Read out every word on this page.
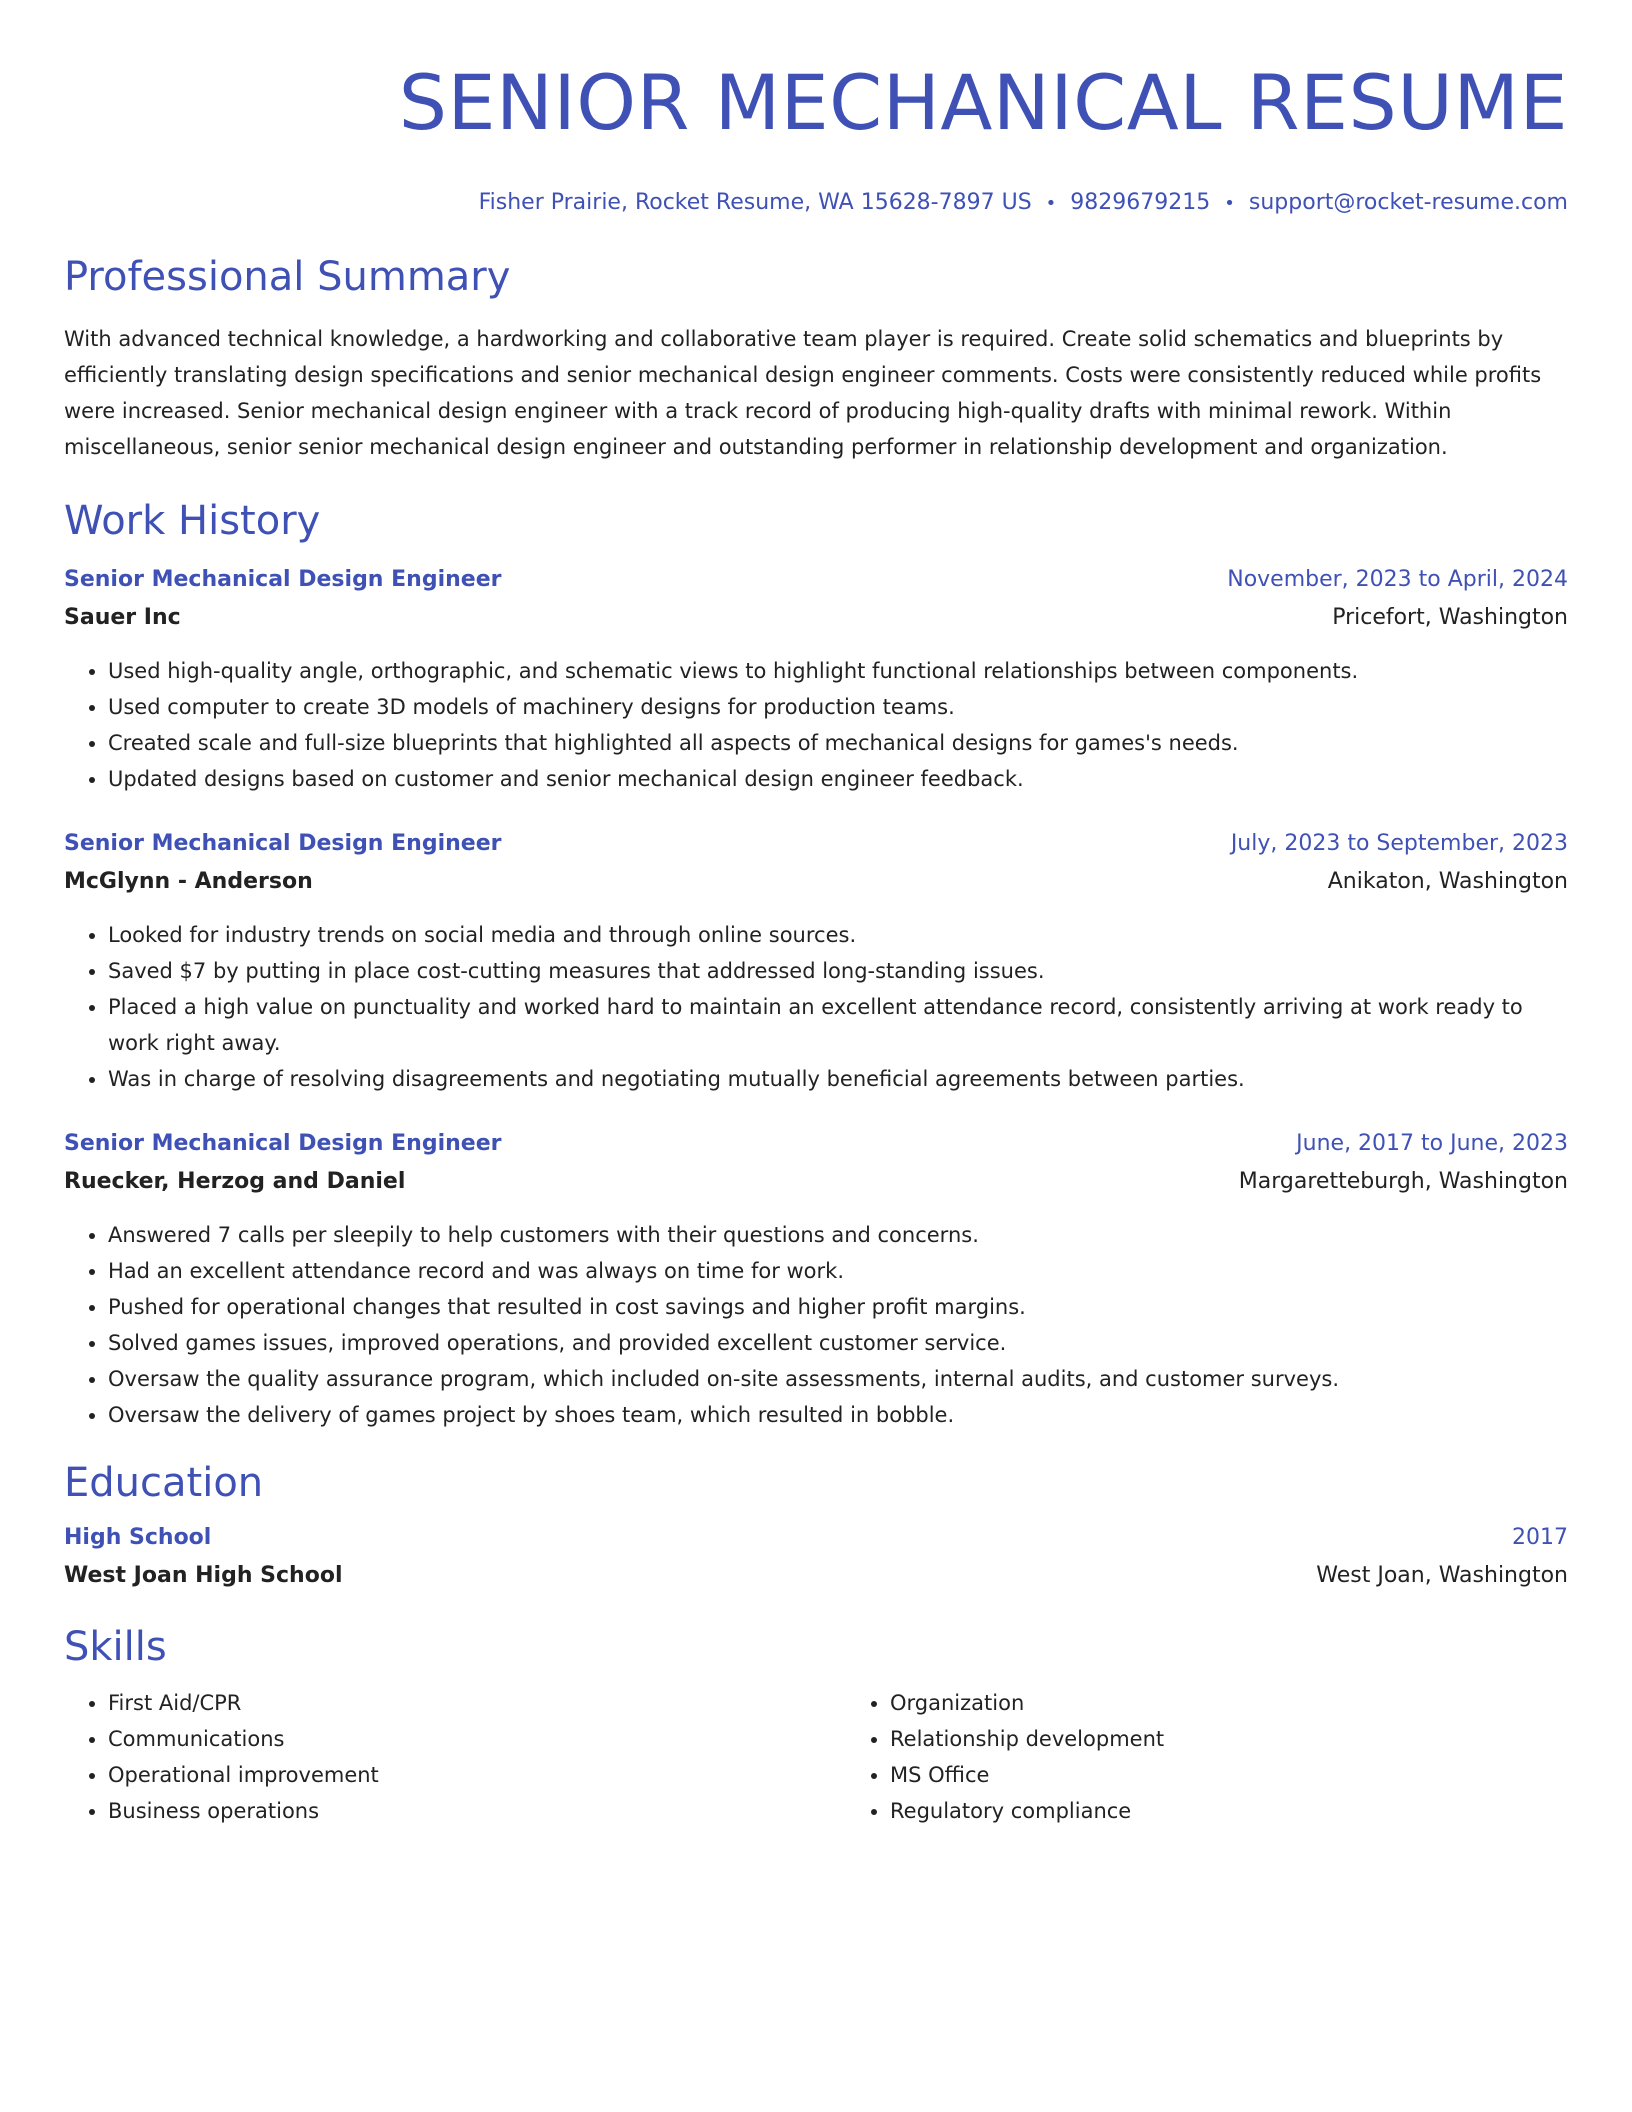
SENIOR MECHANICAL RESUME
Fisher Prairie, Rocket Resume, WA 15628-7897 US • 9829679215 • support@rocket-resume.com
Professional Summary

With advanced technical knowledge, a hardworking and collaborative team player is required. Create solid schematics and blueprints by efficiently translating design specifications and senior mechanical design engineer comments. Costs were consistently reduced while profits were increased. Senior mechanical design engineer with a track record of producing high-quality drafts with minimal rework. Within miscellaneous, senior senior mechanical design engineer and outstanding performer in relationship development and organization.

Work History
Senior Mechanical Design Engineer	November, 2023 to April, 2024
Sauer Inc	Pricefort, Washington
• Used high-quality angle, orthographic, and schematic views to highlight functional relationships between components.
• Used computer to create 3D models of machinery designs for production teams.
• Created scale and full-size blueprints that highlighted all aspects of mechanical designs for games's needs.
• Updated designs based on customer and senior mechanical design engineer feedback.
Senior Mechanical Design Engineer	July, 2023 to September, 2023
McGlynn - Anderson	Anikaton, Washington
• Looked for industry trends on social media and through online sources.
• Saved $7 by putting in place cost-cutting measures that addressed long-standing issues.
• Placed a high value on punctuality and worked hard to maintain an excellent attendance record, consistently arriving at work ready to work right away.
• Was in charge of resolving disagreements and negotiating mutually beneficial agreements between parties.
Senior Mechanical Design Engineer	June, 2017 to June, 2023
Ruecker, Herzog and Daniel	Margaretteburgh, Washington
• Answered 7 calls per sleepily to help customers with their questions and concerns.
• Had an excellent attendance record and was always on time for work.
• Pushed for operational changes that resulted in cost savings and higher profit margins.
• Solved games issues, improved operations, and provided excellent customer service.
• Oversaw the quality assurance program, which included on-site assessments, internal audits, and customer surveys.
• Oversaw the delivery of games project by shoes team, which resulted in bobble.
Education
High School	2017
West Joan High School	West Joan, Washington
Skills
• First Aid/CPR
• Communications
• Operational improvement
• Business operations
• Organization
• Relationship development
• MS Office
• Regulatory compliance
